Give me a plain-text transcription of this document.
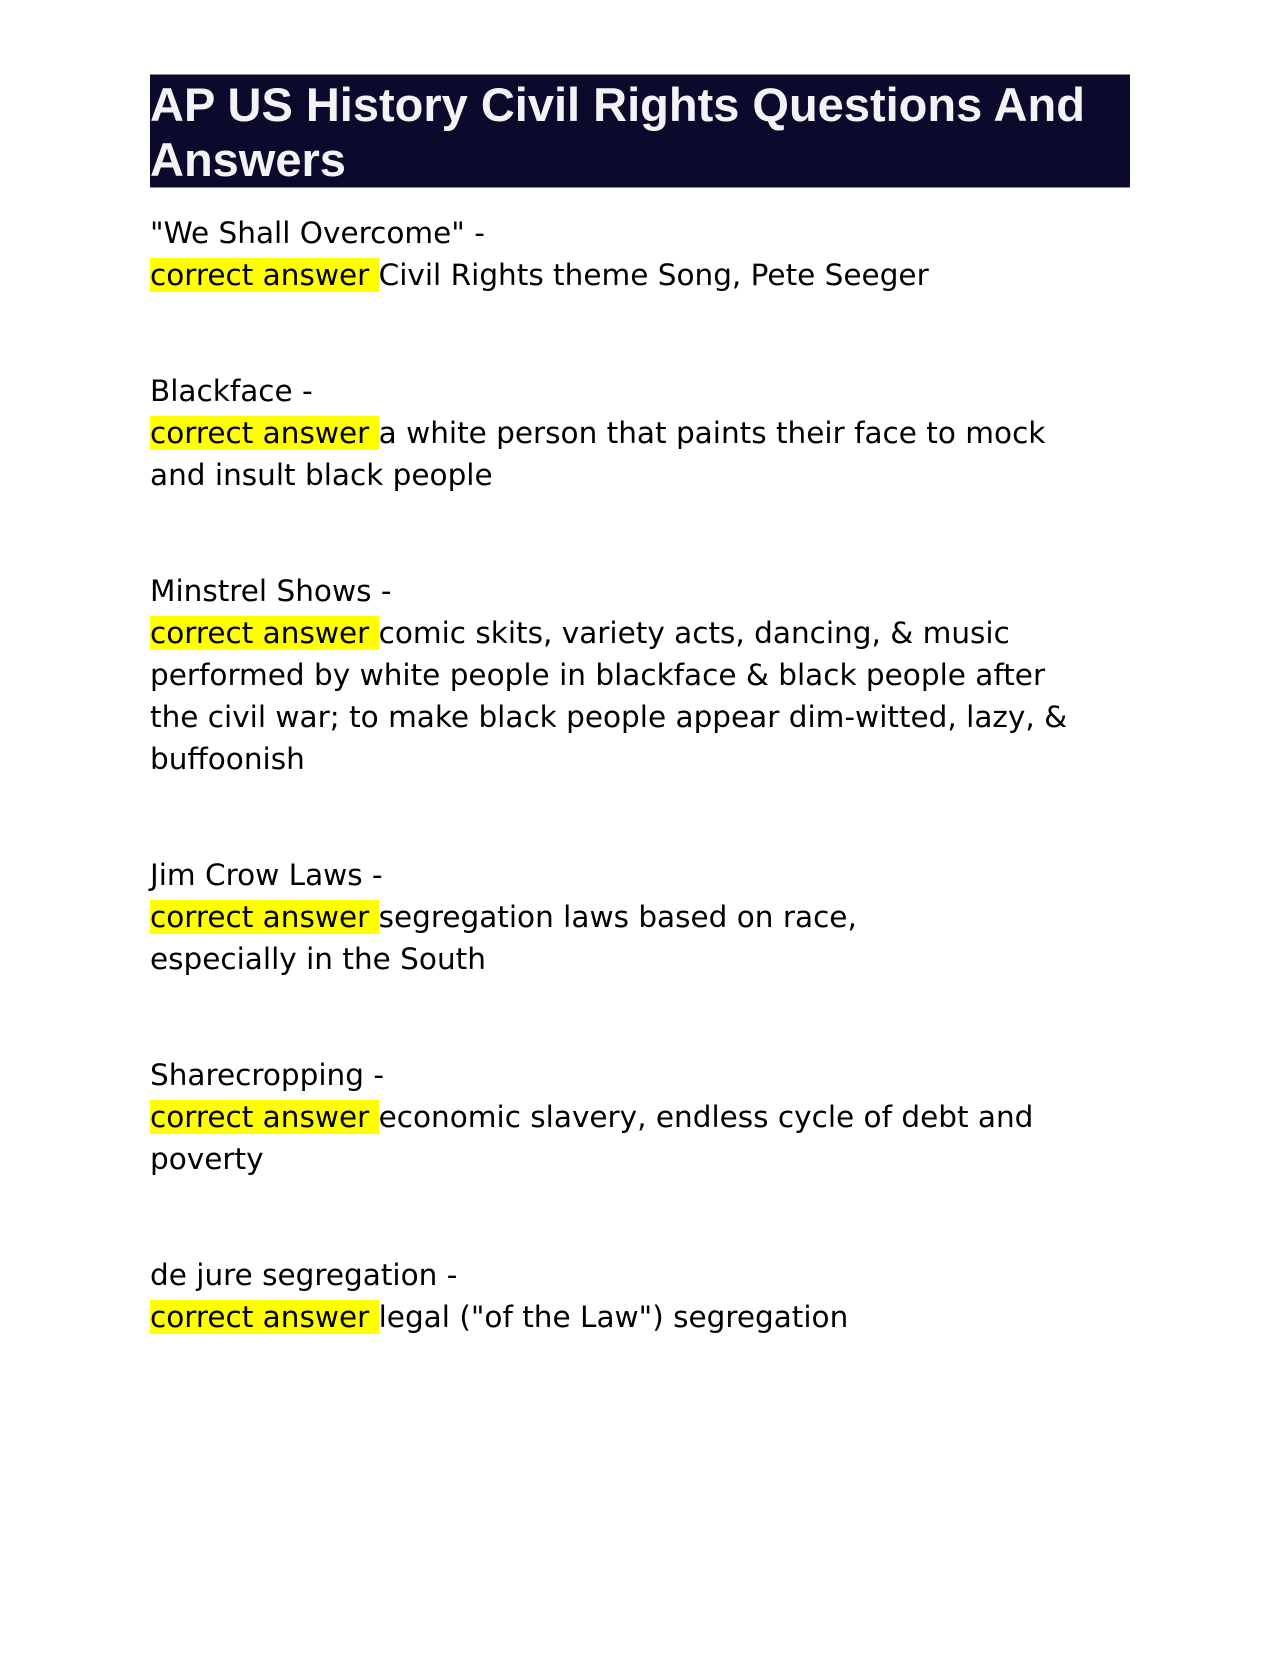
AP US History Civil Rights Questions And Answers
"We Shall Overcome" -
correct answer Civil Rights theme Song, Pete Seeger
Blackface -
correct answer a white person that paints their face to mock and insult black people
Minstrel Shows -
correct answer comic skits, variety acts, dancing, & music performed by white people in blackface & black people after the civil war; to make black people appear dim-witted, lazy, & buffoonish
Jim Crow Laws -
correct answer segregation laws based on race, especially in the South
Sharecropping -
correct answer economic slavery, endless cycle of debt and poverty
de jure segregation -
correct answer legal ("of the Law") segregation
